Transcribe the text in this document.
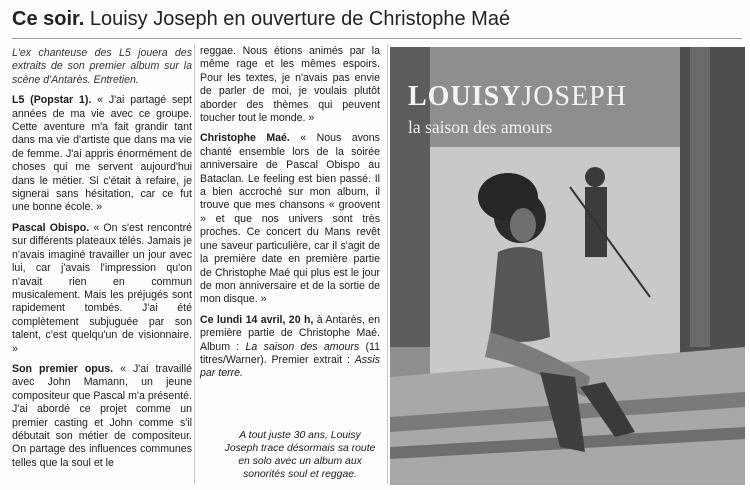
Ce soir. Louisy Joseph en ouverture de Christophe Maé

L'ex chanteuse des L5 jouera des extraits de son premier album sur la scène d'Antarès. Entretien.

L5 (Popstar 1). « J'ai partagé sept années de ma vie avec ce groupe. Cette aventure m'a fait grandir tant dans ma vie d'artiste que dans ma vie de femme. J'ai appris énormément de choses qui me servent aujourd'hui dans le métier. Si c'était à refaire, je signerai sans hésitation, car ce fut une bonne école. »

Pascal Obispo. « On s'est rencontré sur différents plateaux télés. Jamais je n'avais imaginé travailler un jour avec lui, car j'avais l'impression qu'on n'avait rien en commun musicalement. Mais les préjugés sont rapidement tombés. J'ai été complètement subjuguée par son talent, c'est quelqu'un de visionnaire. »

Son premier opus. « J'ai travaillé avec John Mamann, un jeune compositeur que Pascal m'a présenté. J'ai abordé ce projet comme un premier casting et John comme s'il débutait son métier de compositeur. On partage des influences communes telles que la soul et le

reggae. Nous étions animés par la même rage et les mêmes espoirs. Pour les textes, je n'avais pas envie de parler de moi, je voulais plutôt aborder des thèmes qui peuvent toucher tout le monde. »

Christophe Maé. « Nous avons chanté ensemble lors de la soirée anniversaire de Pascal Obispo au Bataclan. Le feeling est bien passé. Il a bien accroché sur mon album, il trouve que mes chansons « groovent » et que nos univers sont très proches. Ce concert du Mans revêt une saveur particulière, car il s'agit de la première date en première partie de Christophe Maé qui plus est le jour de mon anniversaire et de la sortie de mon disque. »

Ce lundi 14 avril, 20 h, à Antarès, en première partie de Christophe Maé. Album : La saison des amours (11 titres/Warner). Premier extrait : Assis par terre.

LOUISYJOSEPH
la saison des amours
A tout juste 30 ans, Louisy Joseph trace désormais sa route en solo avec un album aux sonorités soul et reggae.
